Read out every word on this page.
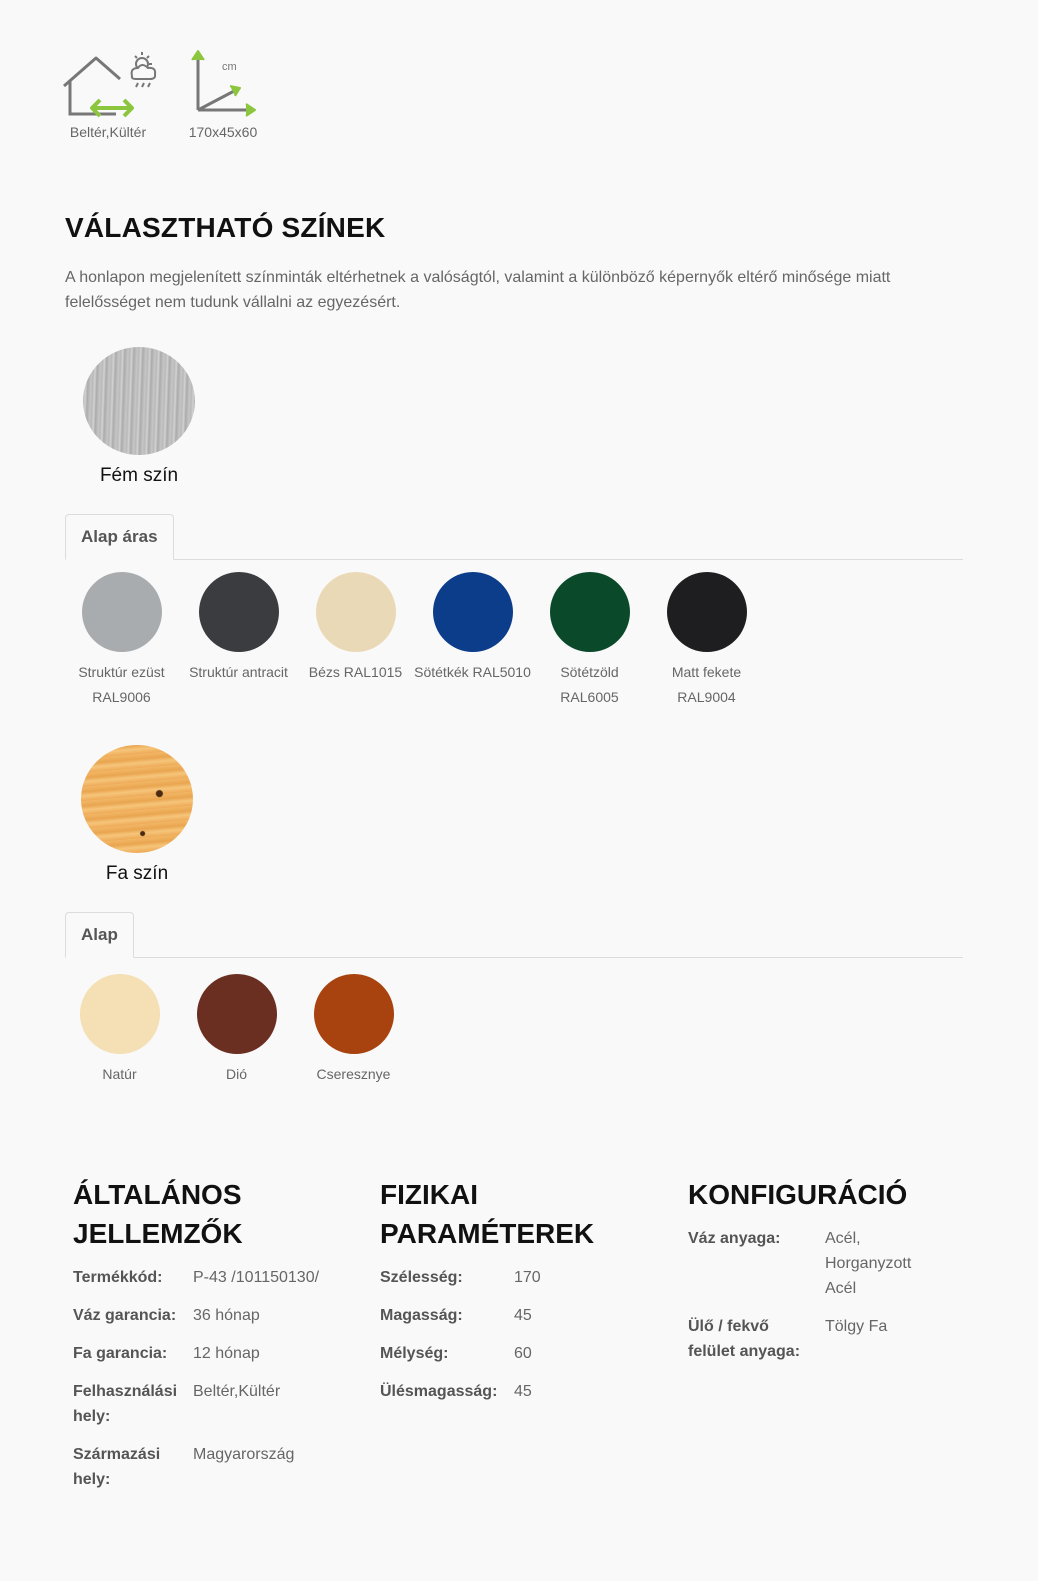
Beltér,Kültér
cm
170x45x60
VÁLASZTHATÓ SZÍNEK

A honlapon megjelenített színminták eltérhetnek a valóságtól, valamint a különböző képernyők eltérő minősége miatt felelősséget nem tudunk vállalni az egyezésért.

Fém szín
Alap áras
Struktúr ezüst RAL9006
Struktúr antracit	Bézs RAL1015 Sötétkék RAL5010	Sötétzöld RAL6005
Matt fekete RAL9004
Fa szín
Alap
Natúr	Dió	Cseresznye
ÁLTALÁNOS JELLEMZŐK
Termékkód:	P-43 /101150130/
Váz garancia:	36 hónap
Fa garancia:	12 hónap
Felhasználási hely:	Beltér,Kültér
Származási hely:	Magyarország
FIZIKAI PARAMÉTEREK
Szélesség:	170
Magasság:	45
Mélység:	60
Ülésmagasság:	45
KONFIGURÁCIÓ
Váz anyaga:	Acél, Horganyzott Acél
Ülő / fekvő felület anyaga:	Tölgy Fa
